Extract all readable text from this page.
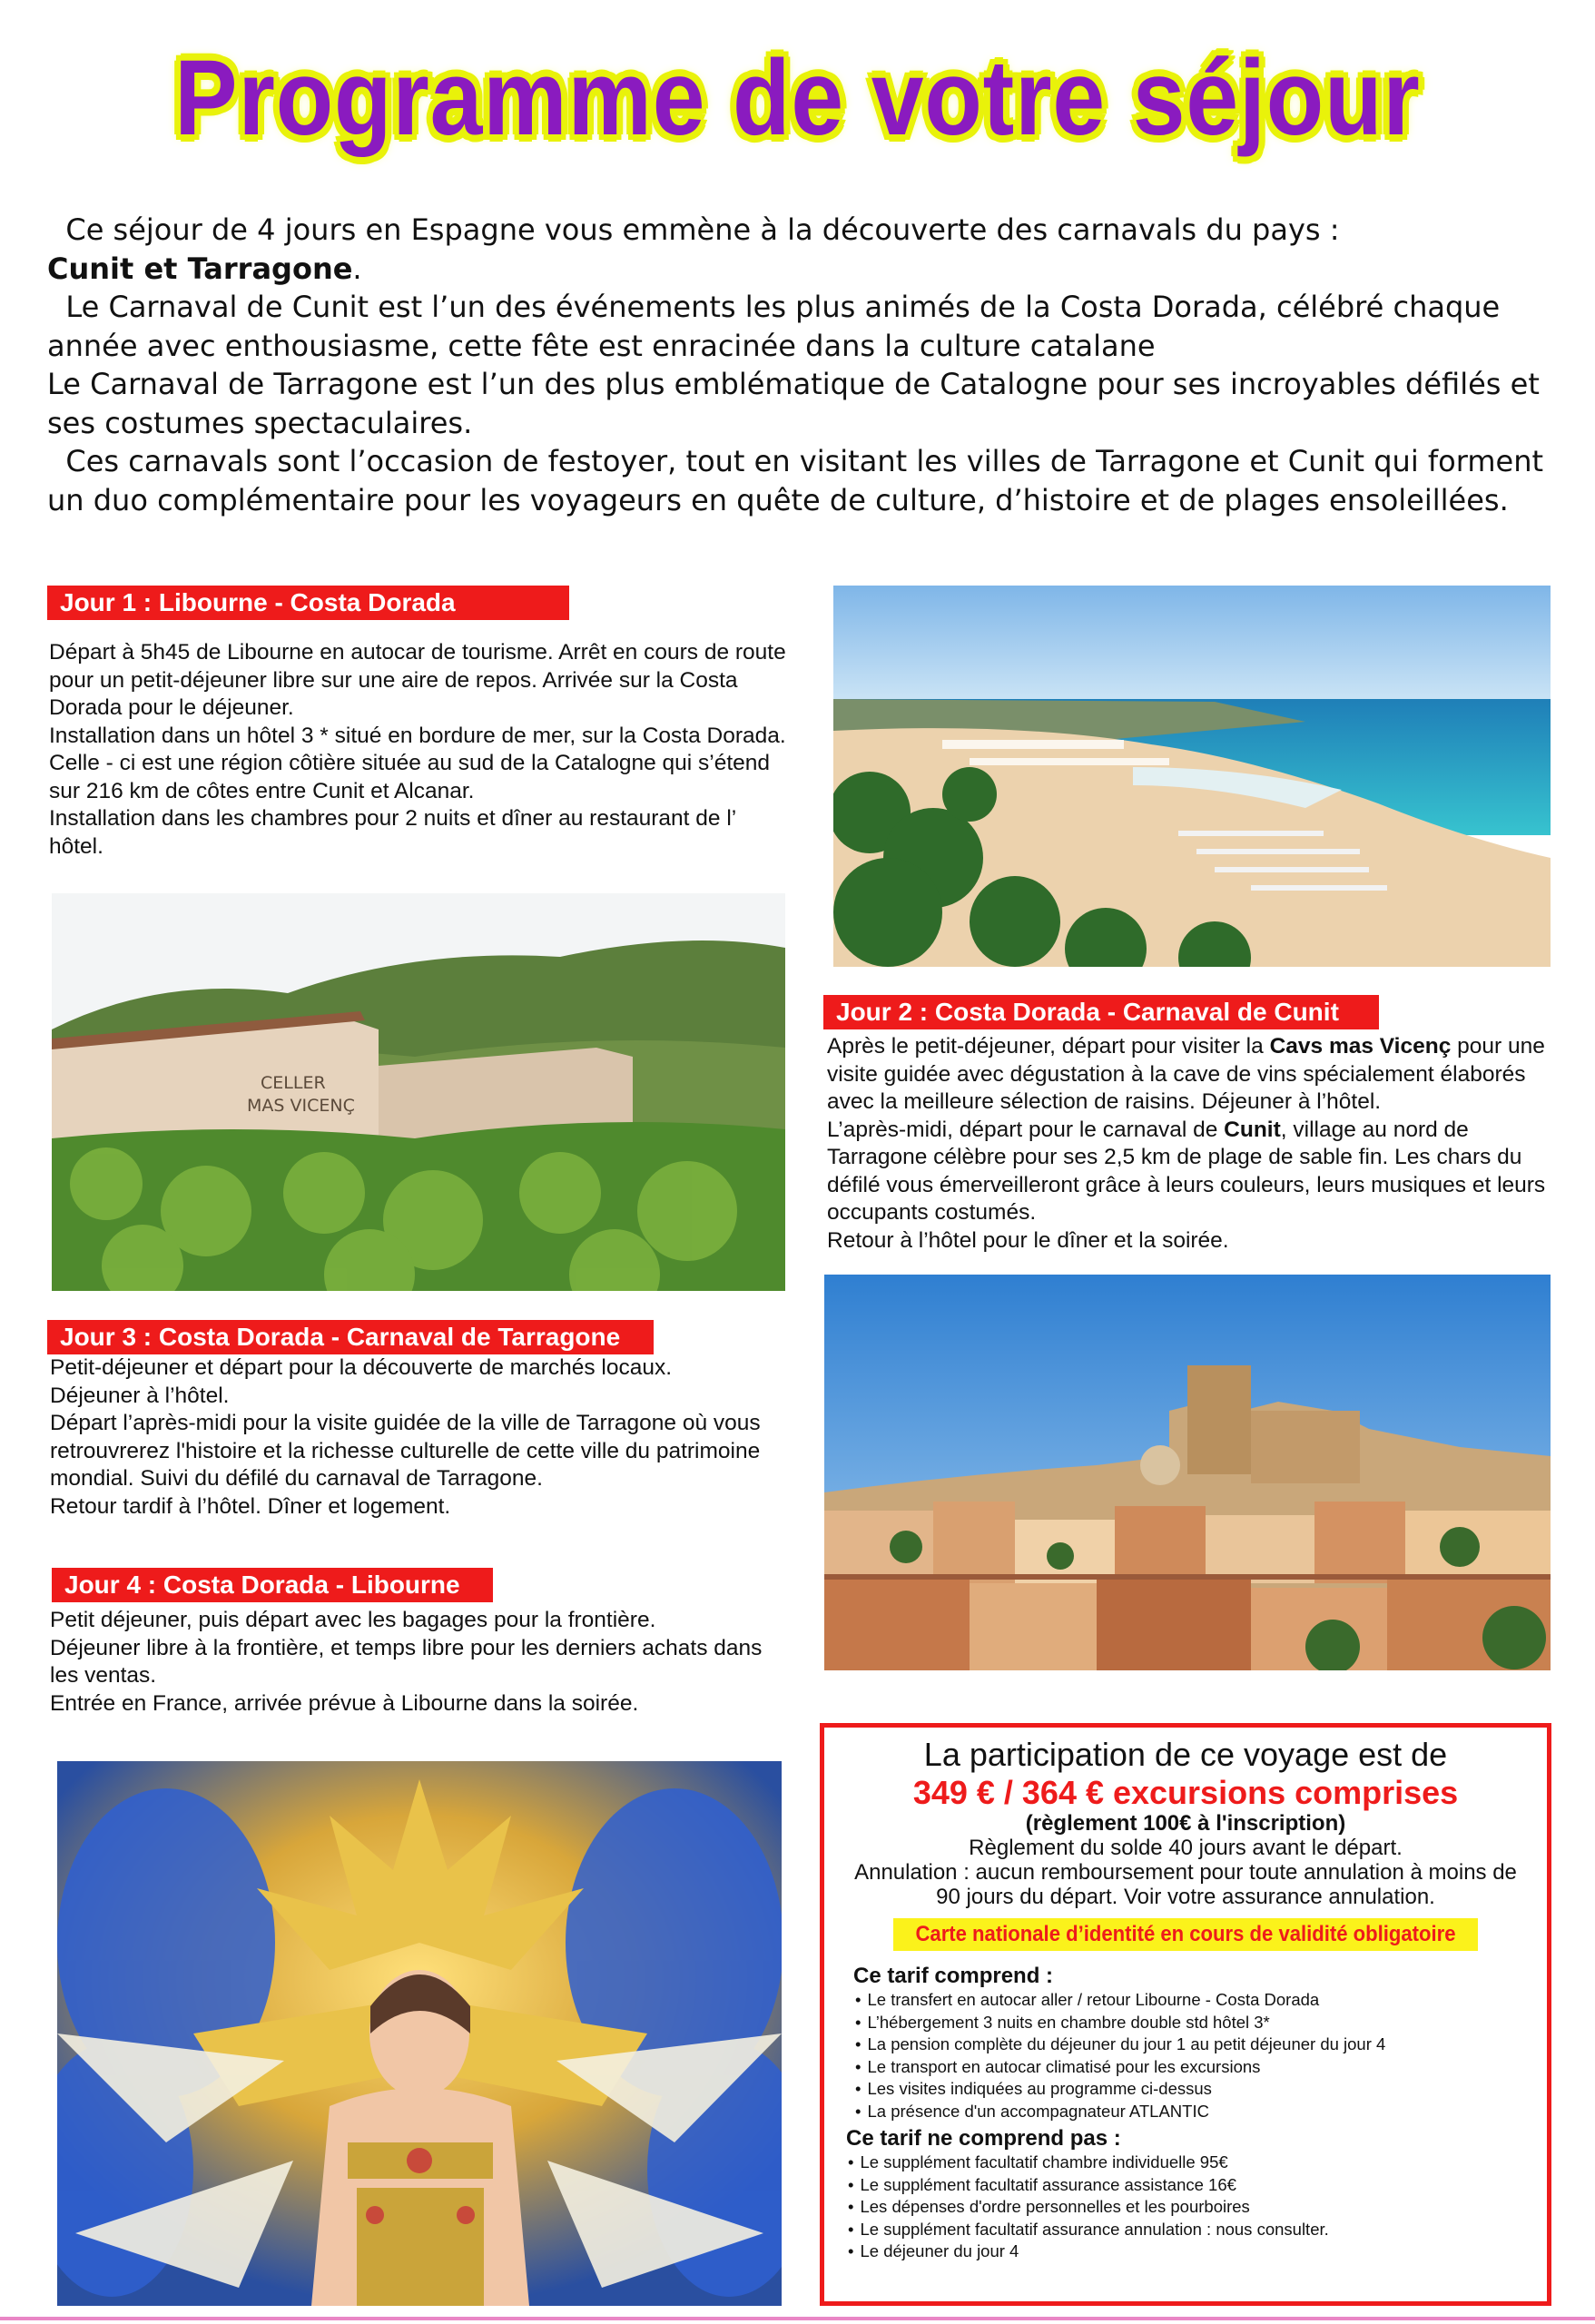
Programme de votre séjour

Ce séjour de 4 jours en Espagne vous emmène à la découverte des carnavals du pays :
Cunit et Tarragone.

Le Carnaval de Cunit est l’un des événements les plus animés de la Costa Dorada, célébré chaque année avec enthousiasme, cette fête est enracinée dans la culture catalane

Le Carnaval de Tarragone est l’un des plus emblématique de Catalogne pour ses incroyables défilés et ses costumes spectaculaires.

Ces carnavals sont l’occasion de festoyer, tout en visitant les villes de Tarragone et Cunit qui forment un duo complémentaire pour les voyageurs en quête de culture, d’histoire et de plages ensoleillées.

Jour 1 : Libourne - Costa Dorada

Départ à 5h45 de Libourne en autocar de tourisme. Arrêt en cours de route pour un petit-déjeuner libre sur une aire de repos. Arrivée sur la Costa Dorada pour le déjeuner.

Installation dans un hôtel 3 * situé en bordure de mer, sur la Costa Dorada. Celle - ci est une région côtière située au sud de la Catalogne qui s’étend sur 216 km de côtes entre Cunit et Alcanar.

Installation dans les chambres pour 2 nuits et dîner au restaurant de l’ hôtel.

CELLER
MAS VICENÇ
Jour 2 : Costa Dorada - Carnaval de Cunit

Après le petit-déjeuner, départ pour visiter la Cavs mas Vicenç pour une visite guidée avec dégustation à la cave de vins spécialement élaborés avec la meilleure sélection de raisins. Déjeuner à l’hôtel.

L’après-midi, départ pour le carnaval de Cunit, village au nord de Tarragone célèbre pour ses 2,5 km de plage de sable fin. Les chars du défilé vous émerveilleront grâce à leurs couleurs, leurs musiques et leurs occupants costumés.

Retour à l’hôtel pour le dîner et la soirée.

Jour 3 : Costa Dorada - Carnaval de Tarragone

Petit-déjeuner et départ pour la découverte de marchés locaux.

Déjeuner à l’hôtel.

Départ l’après-midi pour la visite guidée de la ville de Tarragone où vous retrouvrerez l'histoire et la richesse culturelle de cette ville du patrimoine mondial. Suivi du défilé du carnaval de Tarragone.

Retour tardif à l’hôtel. Dîner et logement.

Jour 4 : Costa Dorada - Libourne

Petit déjeuner, puis départ avec les bagages pour la frontière.

Déjeuner libre à la frontière, et temps libre pour les derniers achats dans les ventas.

Entrée en France, arrivée prévue à Libourne dans la soirée.

La participation de ce voyage est de
349 € / 364 € excursions comprises
(règlement 100€ à l'inscription)
Règlement du solde 40 jours avant le départ.
Annulation : aucun remboursement pour toute annulation à moins de 90 jours du départ. Voir votre assurance annulation.
Carte nationale d’identité en cours de validité obligatoire
Ce tarif comprend :
• Le transfert en autocar aller / retour Libourne - Costa Dorada
• L’hébergement 3 nuits en chambre double std hôtel 3*
• La pension complète du déjeuner du jour 1 au petit déjeuner du jour 4
• Le transport en autocar climatisé pour les excursions
• Les visites indiquées au programme ci-dessus
• La présence d'un accompagnateur ATLANTIC
Ce tarif ne comprend pas :
• Le supplément facultatif chambre individuelle 95€
• Le supplément facultatif assurance assistance 16€
• Les dépenses d'ordre personnelles et les pourboires
• Le supplément facultatif assurance annulation : nous consulter.
• Le déjeuner du jour 4
